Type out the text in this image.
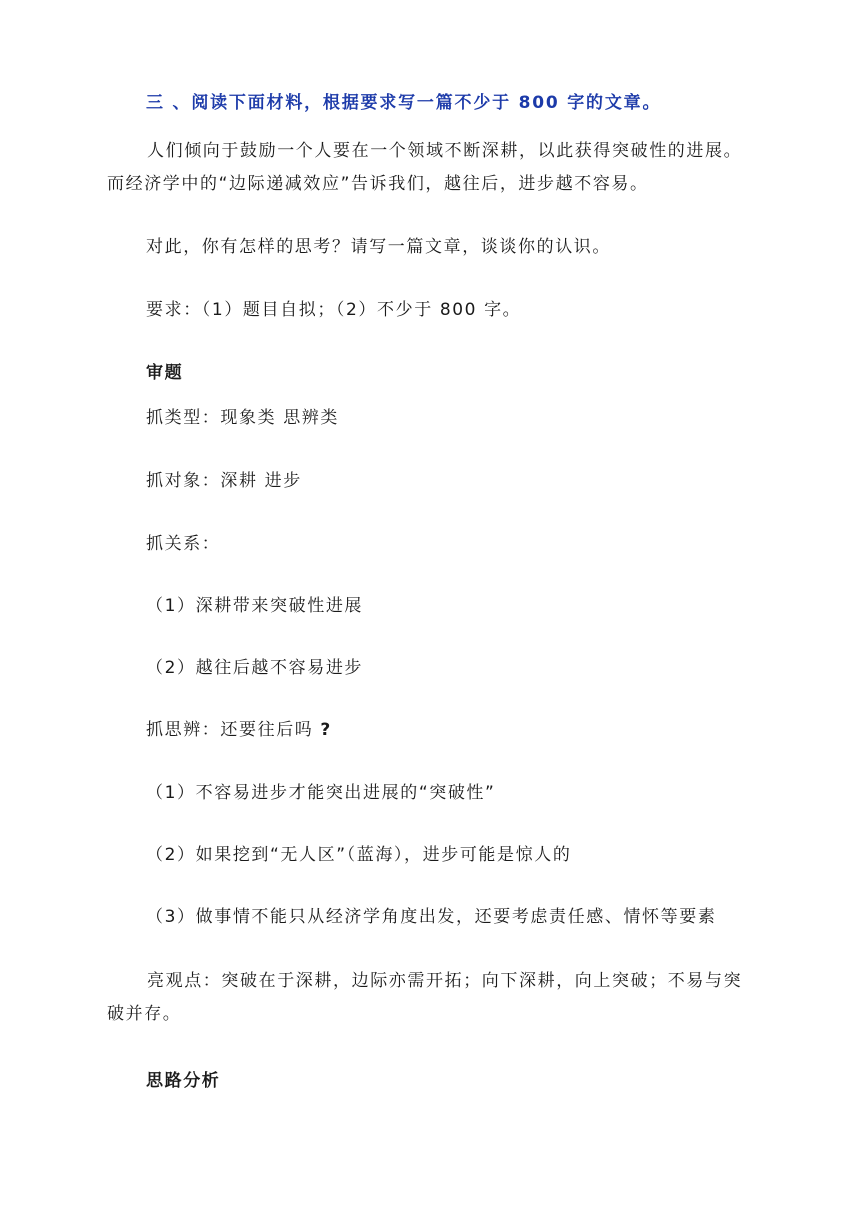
三 、阅读下面材料，根据要求写一篇不少于 800 字的文章。
人们倾向于鼓励一个人要在一个领域不断深耕，以此获得突破性的进展。而经济学中的“边际递减效应”告诉我们，越往后，进步越不容易。
对此，你有怎样的思考？请写一篇文章，谈谈你的认识。
要求：（1）题目自拟；（2）不少于 800 字。
审题
抓类型：现象类 思辨类
抓对象：深耕 进步
抓关系：
（1）深耕带来突破性进展
（2）越往后越不容易进步
抓思辨：还要往后吗 ?
（1）不容易进步才能突出进展的“突破性”
（2）如果挖到“无人区”（蓝海），进步可能是惊人的
（3）做事情不能只从经济学角度出发，还要考虑责任感、情怀等要素
亮观点：突破在于深耕，边际亦需开拓；向下深耕，向上突破；不易与突破并存。
思路分析
